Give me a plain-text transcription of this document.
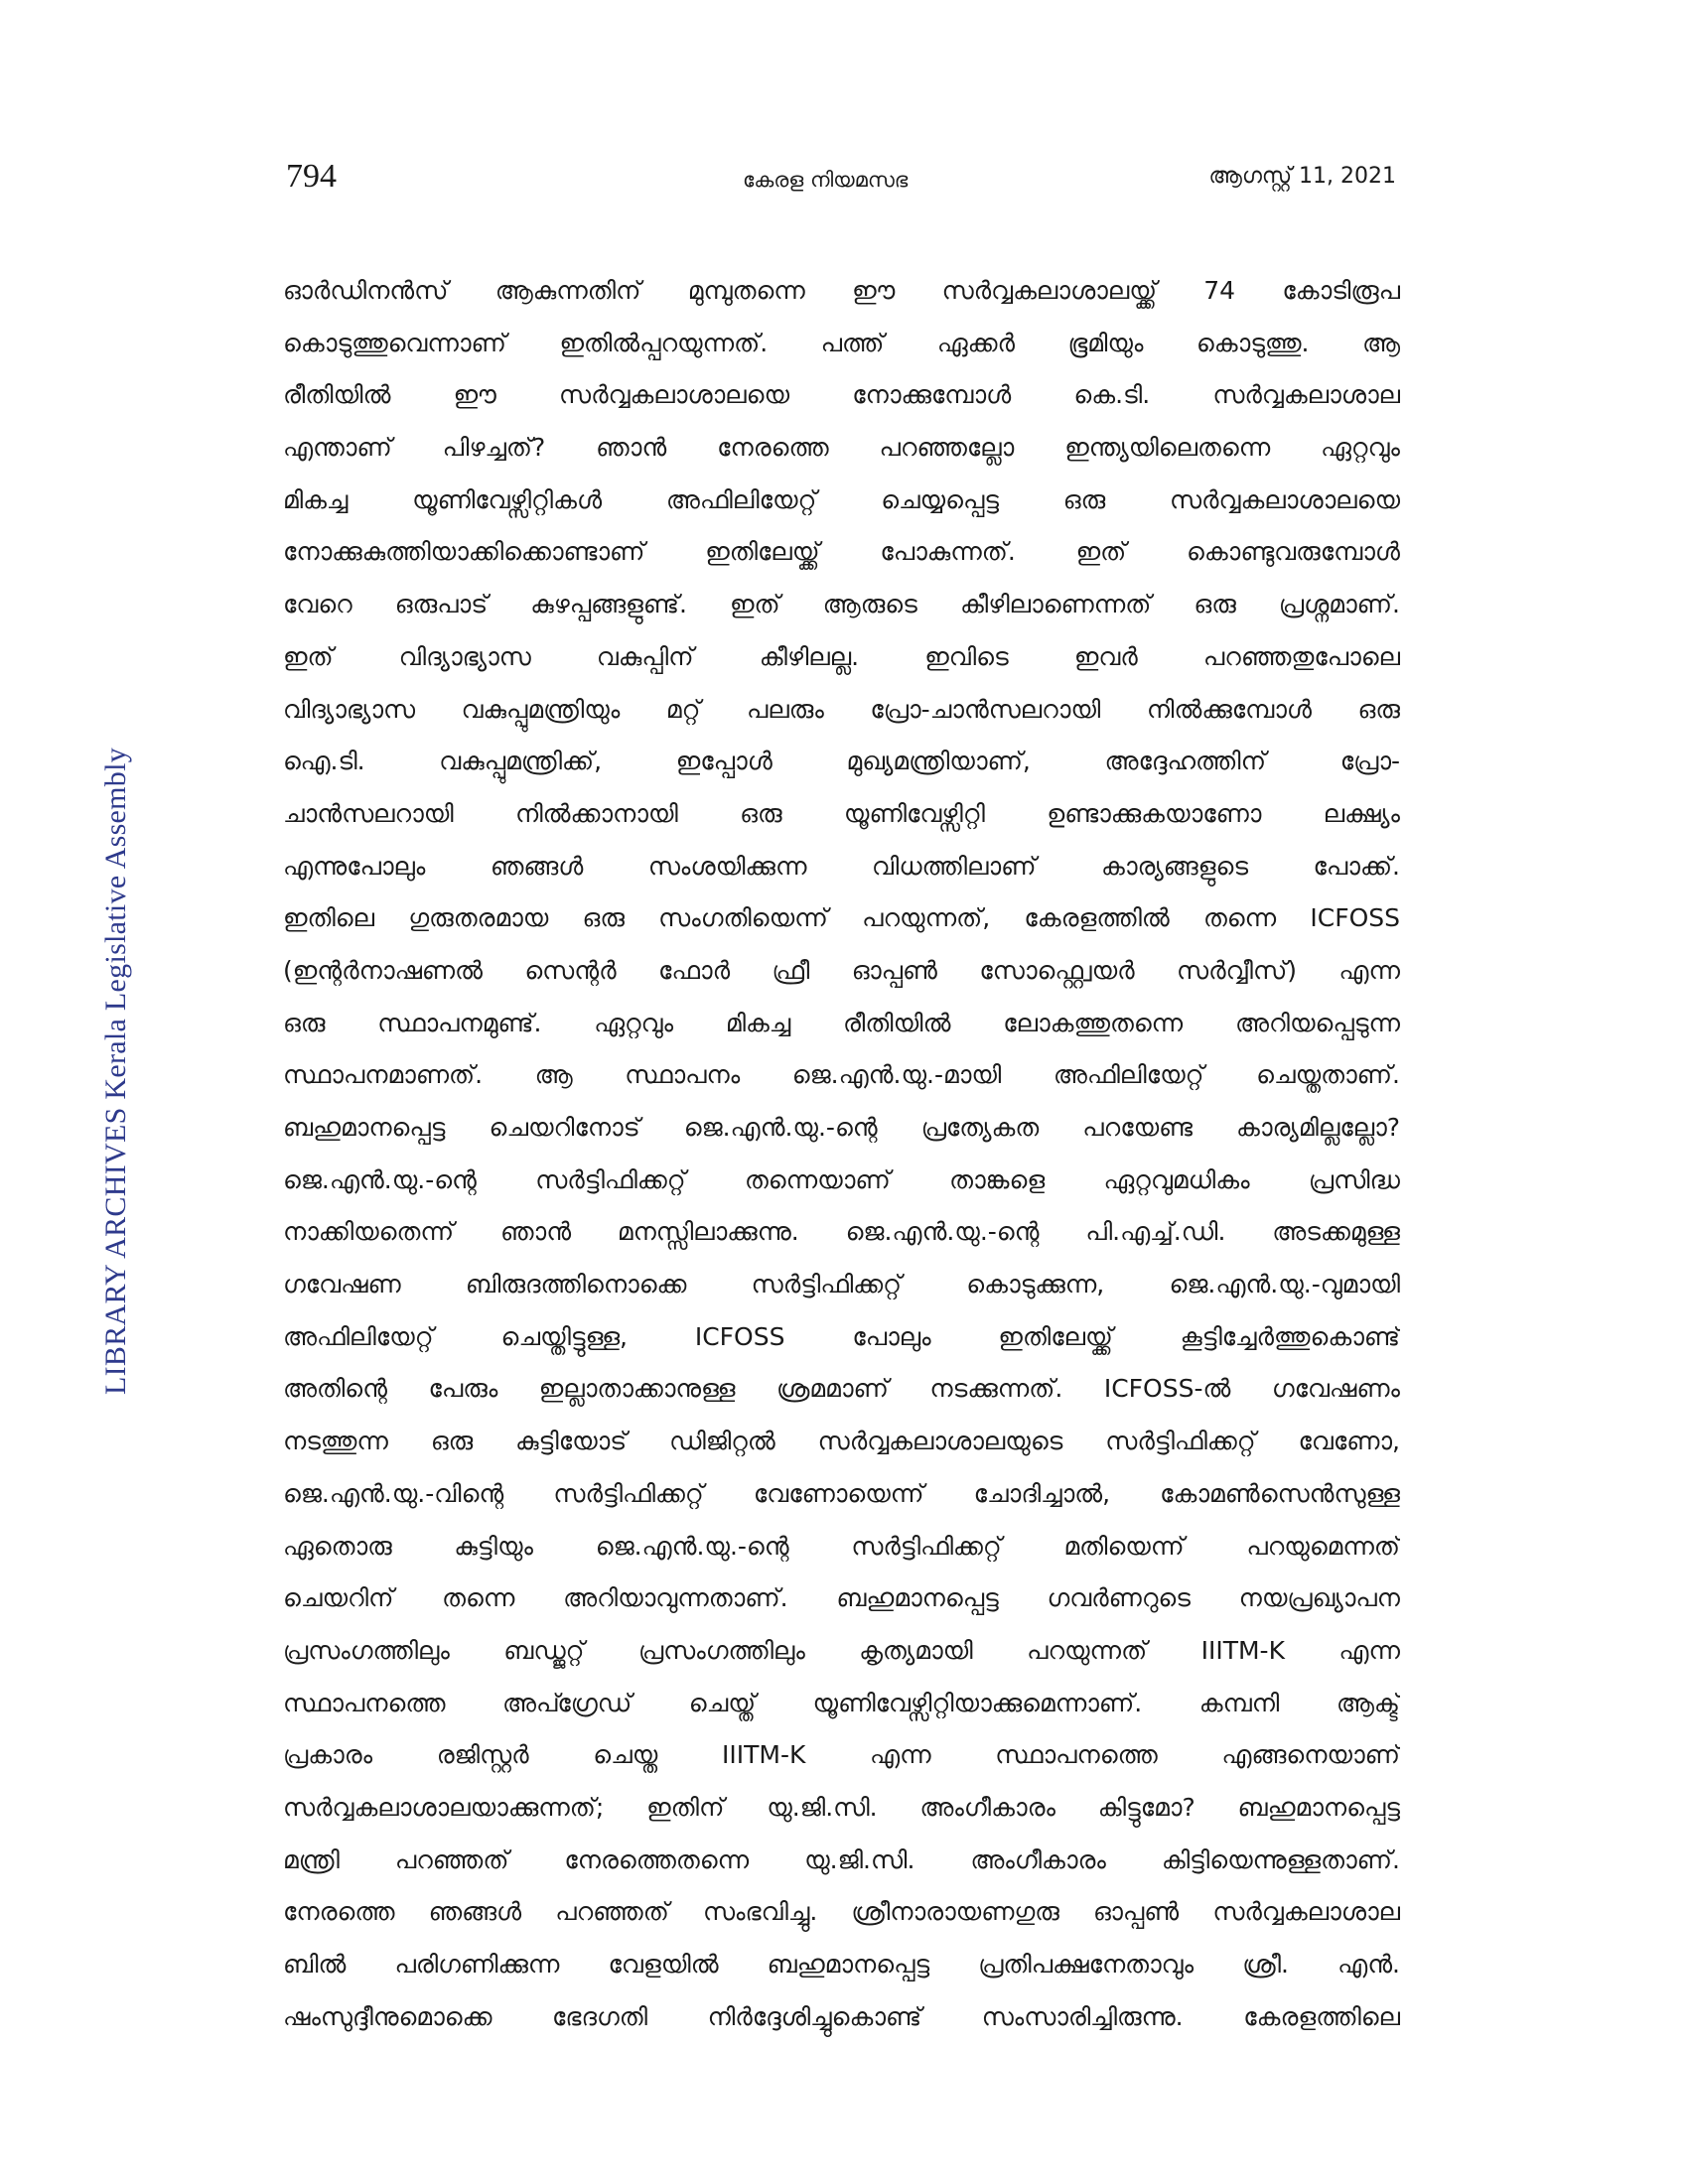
794	കേരള നിയമസഭ	ആഗസ്റ്റ് 11, 2021
LIBRARY ARCHIVES Kerala Legislative Assembly
ഓർഡിനൻസ് ആകുന്നതിന് മുമ്പുതന്നെ ഈ സർവ്വകലാശാലയ്ക്ക് 74 കോടിരൂപ
കൊടുത്തുവെന്നാണ് ഇതിൽപ്പറയുന്നത്. പത്ത് ഏക്കർ ഭൂമിയും കൊടുത്തു. ആ
രീതിയിൽ ഈ സർവ്വകലാശാലയെ നോക്കുമ്പോൾ കെ.ടി. സർവ്വകലാശാല
എന്താണ് പിഴച്ചത്? ഞാൻ നേരത്തെ പറഞ്ഞല്ലോ ഇന്ത്യയിലെതന്നെ ഏറ്റവും
മികച്ച യൂണിവേഴ്സിറ്റികൾ അഫിലിയേറ്റ് ചെയ്യപ്പെട്ട ഒരു സർവ്വകലാശാലയെ
നോക്കുകുത്തിയാക്കിക്കൊണ്ടാണ് ഇതിലേയ്ക്ക് പോകുന്നത്. ഇത് കൊണ്ടുവരുമ്പോൾ
വേറെ ഒരുപാട് കുഴപ്പങ്ങളുണ്ട്. ഇത് ആരുടെ കീഴിലാണെന്നത് ഒരു പ്രശ്നമാണ്.
ഇത് വിദ്യാഭ്യാസ വകുപ്പിന് കീഴിലല്ല. ഇവിടെ ഇവർ പറഞ്ഞതുപോലെ
വിദ്യാഭ്യാസ വകുപ്പുമന്ത്രിയും മറ്റ് പലരും പ്രോ-ചാൻസലറായി നിൽക്കുമ്പോൾ ഒരു
ഐ.ടി. വകുപ്പുമന്ത്രിക്ക്, ഇപ്പോൾ മുഖ്യമന്ത്രിയാണ്, അദ്ദേഹത്തിന് പ്രോ-
ചാൻസലറായി നിൽക്കാനായി ഒരു യൂണിവേഴ്സിറ്റി ഉണ്ടാക്കുകയാണോ ലക്ഷ്യം
എന്നുപോലും ഞങ്ങൾ സംശയിക്കുന്ന വിധത്തിലാണ് കാര്യങ്ങളുടെ പോക്ക്.
ഇതിലെ ഗുരുതരമായ ഒരു സംഗതിയെന്ന് പറയുന്നത്, കേരളത്തിൽ തന്നെ ICFOSS
(ഇന്റർനാഷണൽ സെന്റർ ഫോർ ഫ്രീ ഓപ്പൺ സോഫ്റ്റ്വെയർ സർവ്വീസ്) എന്ന
ഒരു സ്ഥാപനമുണ്ട്. ഏറ്റവും മികച്ച രീതിയിൽ ലോകത്തുതന്നെ അറിയപ്പെടുന്ന
സ്ഥാപനമാണത്. ആ സ്ഥാപനം ജെ.എൻ.യു.-മായി അഫിലിയേറ്റ് ചെയ്തതാണ്.
ബഹുമാനപ്പെട്ട ചെയറിനോട് ജെ.എൻ.യു.-ന്റെ പ്രത്യേകത പറയേണ്ട കാര്യമില്ലല്ലോ?
ജെ.എൻ.യു.-ന്റെ സർട്ടിഫിക്കറ്റ് തന്നെയാണ് താങ്കളെ ഏറ്റവുമധികം പ്രസിദ്ധ
നാക്കിയതെന്ന് ഞാൻ മനസ്സിലാക്കുന്നു. ജെ.എൻ.യു.-ന്റെ പി.എച്ച്.ഡി. അടക്കമുള്ള
ഗവേഷണ ബിരുദത്തിനൊക്കെ സർട്ടിഫിക്കറ്റ് കൊടുക്കുന്ന, ജെ.എൻ.യു.-വുമായി
അഫിലിയേറ്റ് ചെയ്തിട്ടുള്ള, ICFOSS പോലും ഇതിലേയ്ക്ക് കൂട്ടിച്ചേർത്തുകൊണ്ട്
അതിന്റെ പേരും ഇല്ലാതാക്കാനുള്ള ശ്രമമാണ് നടക്കുന്നത്. ICFOSS-ൽ ഗവേഷണം
നടത്തുന്ന ഒരു കുട്ടിയോട് ഡിജിറ്റൽ സർവ്വകലാശാലയുടെ സർട്ടിഫിക്കറ്റ് വേണോ,
ജെ.എൻ.യു.-വിന്റെ സർട്ടിഫിക്കറ്റ് വേണോയെന്ന് ചോദിച്ചാൽ, കോമൺസെൻസുള്ള
ഏതൊരു കുട്ടിയും ജെ.എൻ.യു.-ന്റെ സർട്ടിഫിക്കറ്റ് മതിയെന്ന് പറയുമെന്നത്
ചെയറിന് തന്നെ അറിയാവുന്നതാണ്. ബഹുമാനപ്പെട്ട ഗവർണറുടെ നയപ്രഖ്യാപന
പ്രസംഗത്തിലും ബഡ്ജറ്റ് പ്രസംഗത്തിലും കൃത്യമായി പറയുന്നത് IIITM-K എന്ന
സ്ഥാപനത്തെ അപ്ഗ്രേഡ് ചെയ്ത് യൂണിവേഴ്സിറ്റിയാക്കുമെന്നാണ്. കമ്പനി ആക്ട്
പ്രകാരം രജിസ്റ്റർ ചെയ്ത IIITM-K എന്ന സ്ഥാപനത്തെ എങ്ങനെയാണ്
സർവ്വകലാശാലയാക്കുന്നത്; ഇതിന് യു.ജി.സി. അംഗീകാരം കിട്ടുമോ? ബഹുമാനപ്പെട്ട
മന്ത്രി പറഞ്ഞത് നേരത്തെതന്നെ യു.ജി.സി. അംഗീകാരം കിട്ടിയെന്നുള്ളതാണ്.
നേരത്തെ ഞങ്ങൾ പറഞ്ഞത് സംഭവിച്ചു. ശ്രീനാരായണഗുരു ഓപ്പൺ സർവ്വകലാശാല
ബിൽ പരിഗണിക്കുന്ന വേളയിൽ ബഹുമാനപ്പെട്ട പ്രതിപക്ഷനേതാവും ശ്രീ. എൻ.
ഷംസുദ്ദീനുമൊക്കെ ഭേദഗതി നിർദ്ദേശിച്ചുകൊണ്ട് സംസാരിച്ചിരുന്നു. കേരളത്തിലെ
